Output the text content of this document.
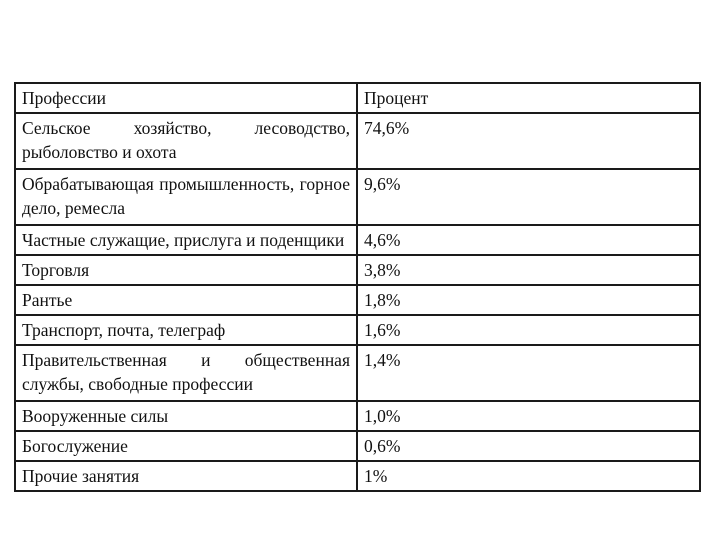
Профессии	Процент
Сельское хозяйство, лесоводство, рыболовство и охота	74,6%
Обрабатывающая промышленность, горное дело, ремесла	9,6%
Частные служащие, прислуга и поденщики	4,6%
Торговля	3,8%
Рантье	1,8%
Транспорт, почта, телеграф	1,6%
Правительственная и общественная службы, свободные профессии	1,4%
Вооруженные силы	1,0%
Богослужение	0,6%
Прочие занятия	1%
